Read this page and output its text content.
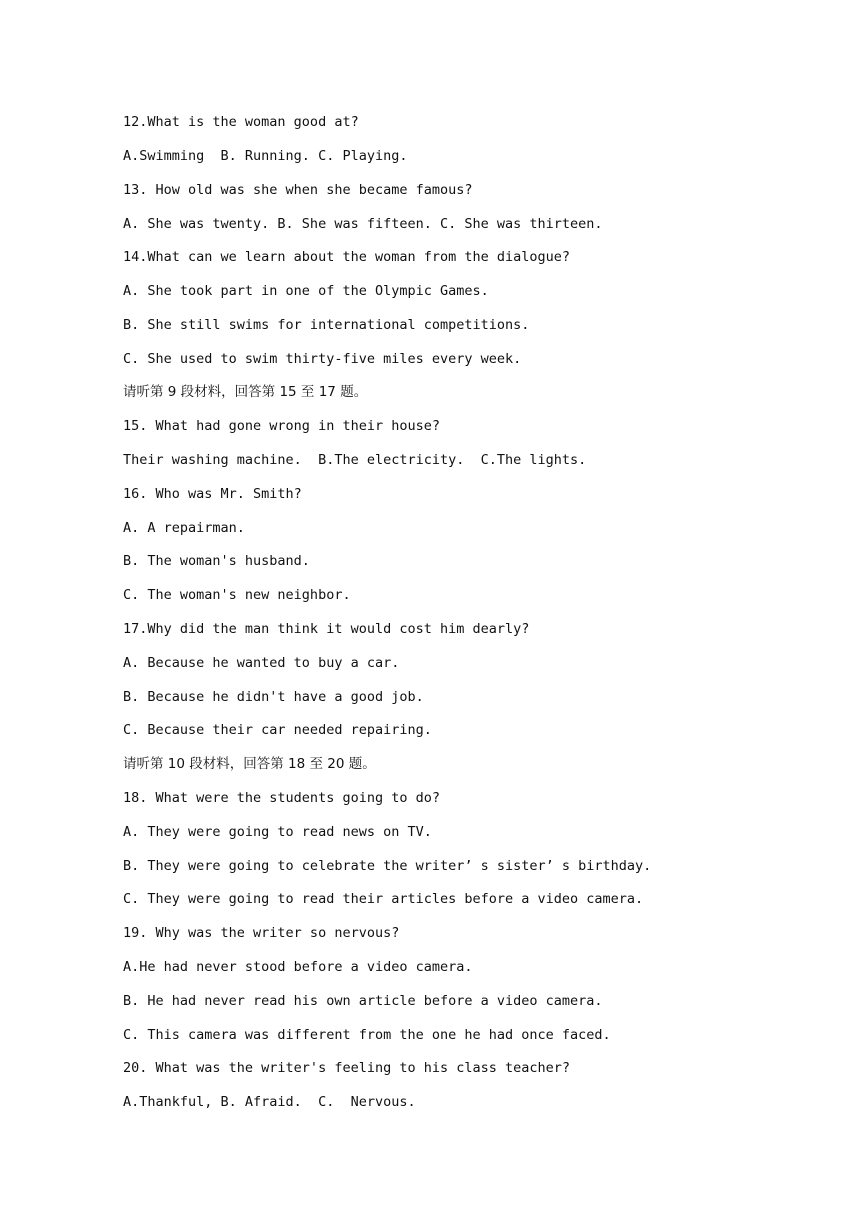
12.What is the woman good at?
A.Swimming  B. Running. C. Playing.
13. How old was she when she became famous?
A. She was twenty. B. She was fifteen. C. She was thirteen.
14.What can we learn about the woman from the dialogue?
A. She took part in one of the Olympic Games.
B. She still swims for international competitions.
C. She used to swim thirty-five miles every week.
请听第 9 段材料，回答第 15 至 17 题。
15. What had gone wrong in their house?
Their washing machine.  B.The electricity.  C.The lights.
16. Who was Mr. Smith?
A. A repairman.
B. The woman's husband.
C. The woman's new neighbor.
17.Why did the man think it would cost him dearly?
A. Because he wanted to buy a car.
B. Because he didn't have a good job.
C. Because their car needed repairing.
请听第 10 段材料，回答第 18 至 20 题。
18. What were the students going to do?
A. They were going to read news on TV.
B. They were going to celebrate the writer’ s sister’ s birthday.
C. They were going to read their articles before a video camera.
19. Why was the writer so nervous?
A.He had never stood before a video camera.
B. He had never read his own article before a video camera.
C. This camera was different from the one he had once faced.
20. What was the writer's feeling to his class teacher?
A.Thankful, B. Afraid.  C.  Nervous.
